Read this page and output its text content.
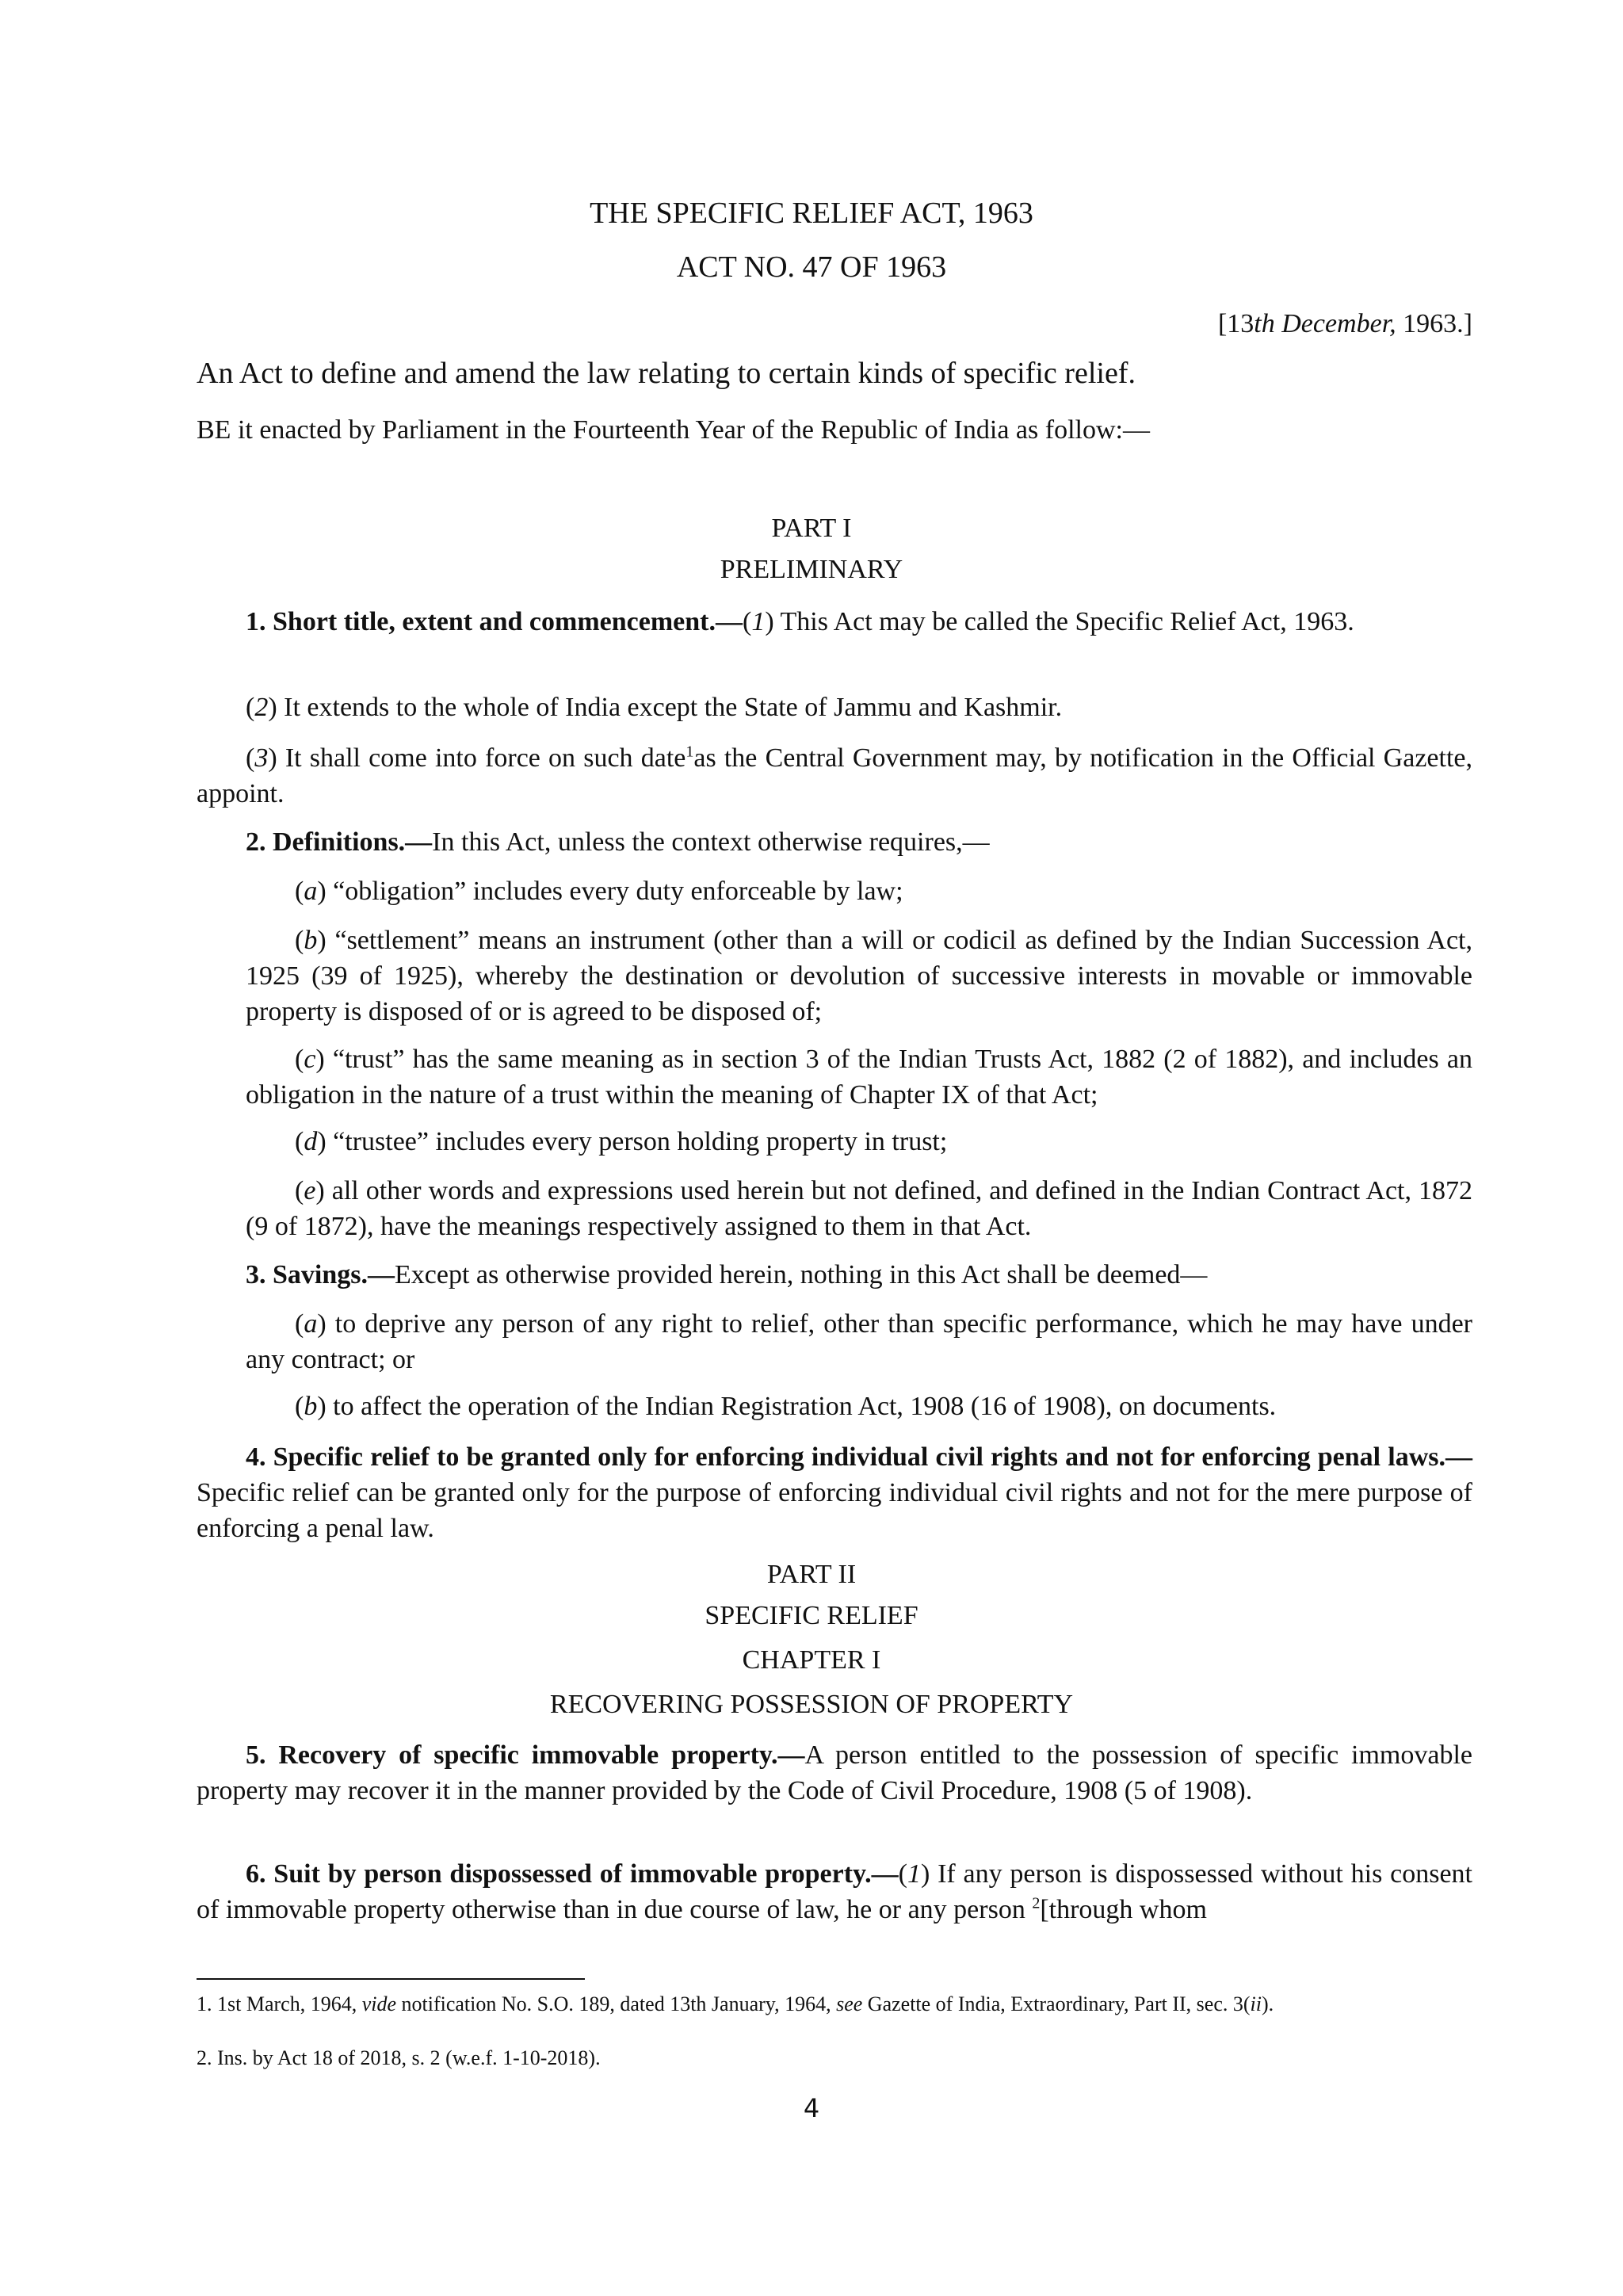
THE SPECIFIC RELIEF ACT, 1963
ACT NO. 47 OF 1963
[13th December, 1963.]
An Act to define and amend the law relating to certain kinds of specific relief.
BE it enacted by Parliament in the Fourteenth Year of the Republic of India as follow:—
PART I
PRELIMINARY
1. Short title, extent and commencement.—(1) This Act may be called the Specific Relief Act, 1963.
(2) It extends to the whole of India except the State of Jammu and Kashmir.
(3) It shall come into force on such date$^1$as the Central Government may, by notification in the Official Gazette, appoint.
2. Definitions.—In this Act, unless the context otherwise requires,—
(a) “obligation” includes every duty enforceable by law;
(b) “settlement” means an instrument (other than a will or codicil as defined by the Indian Succession Act, 1925 (39 of 1925), whereby the destination or devolution of successive interests in movable or immovable property is disposed of or is agreed to be disposed of;
(c) “trust” has the same meaning as in section 3 of the Indian Trusts Act, 1882 (2 of 1882), and includes an obligation in the nature of a trust within the meaning of Chapter IX of that Act;
(d) “trustee” includes every person holding property in trust;
(e) all other words and expressions used herein but not defined, and defined in the Indian Contract Act, 1872 (9 of 1872), have the meanings respectively assigned to them in that Act.
3. Savings.—Except as otherwise provided herein, nothing in this Act shall be deemed—
(a) to deprive any person of any right to relief, other than specific performance, which he may have under any contract; or
(b) to affect the operation of the Indian Registration Act, 1908 (16 of 1908), on documents.
4. Specific relief to be granted only for enforcing individual civil rights and not for enforcing penal laws.—Specific relief can be granted only for the purpose of enforcing individual civil rights and not for the mere purpose of enforcing a penal law.
PART II
SPECIFIC RELIEF
CHAPTER I
RECOVERING POSSESSION OF PROPERTY
5. Recovery of specific immovable property.—A person entitled to the possession of specific immovable property may recover it in the manner provided by the Code of Civil Procedure, 1908 (5 of 1908).
6. Suit by person dispossessed of immovable property.—(1) If any person is dispossessed without his consent of immovable property otherwise than in due course of law, he or any person $^2$[through whom
1. 1st March, 1964, vide notification No. S.O. 189, dated 13th January, 1964, see Gazette of India, Extraordinary, Part II, sec. 3(ii).
2. Ins. by Act 18 of 2018, s. 2 (w.e.f. 1-10-2018).
4
